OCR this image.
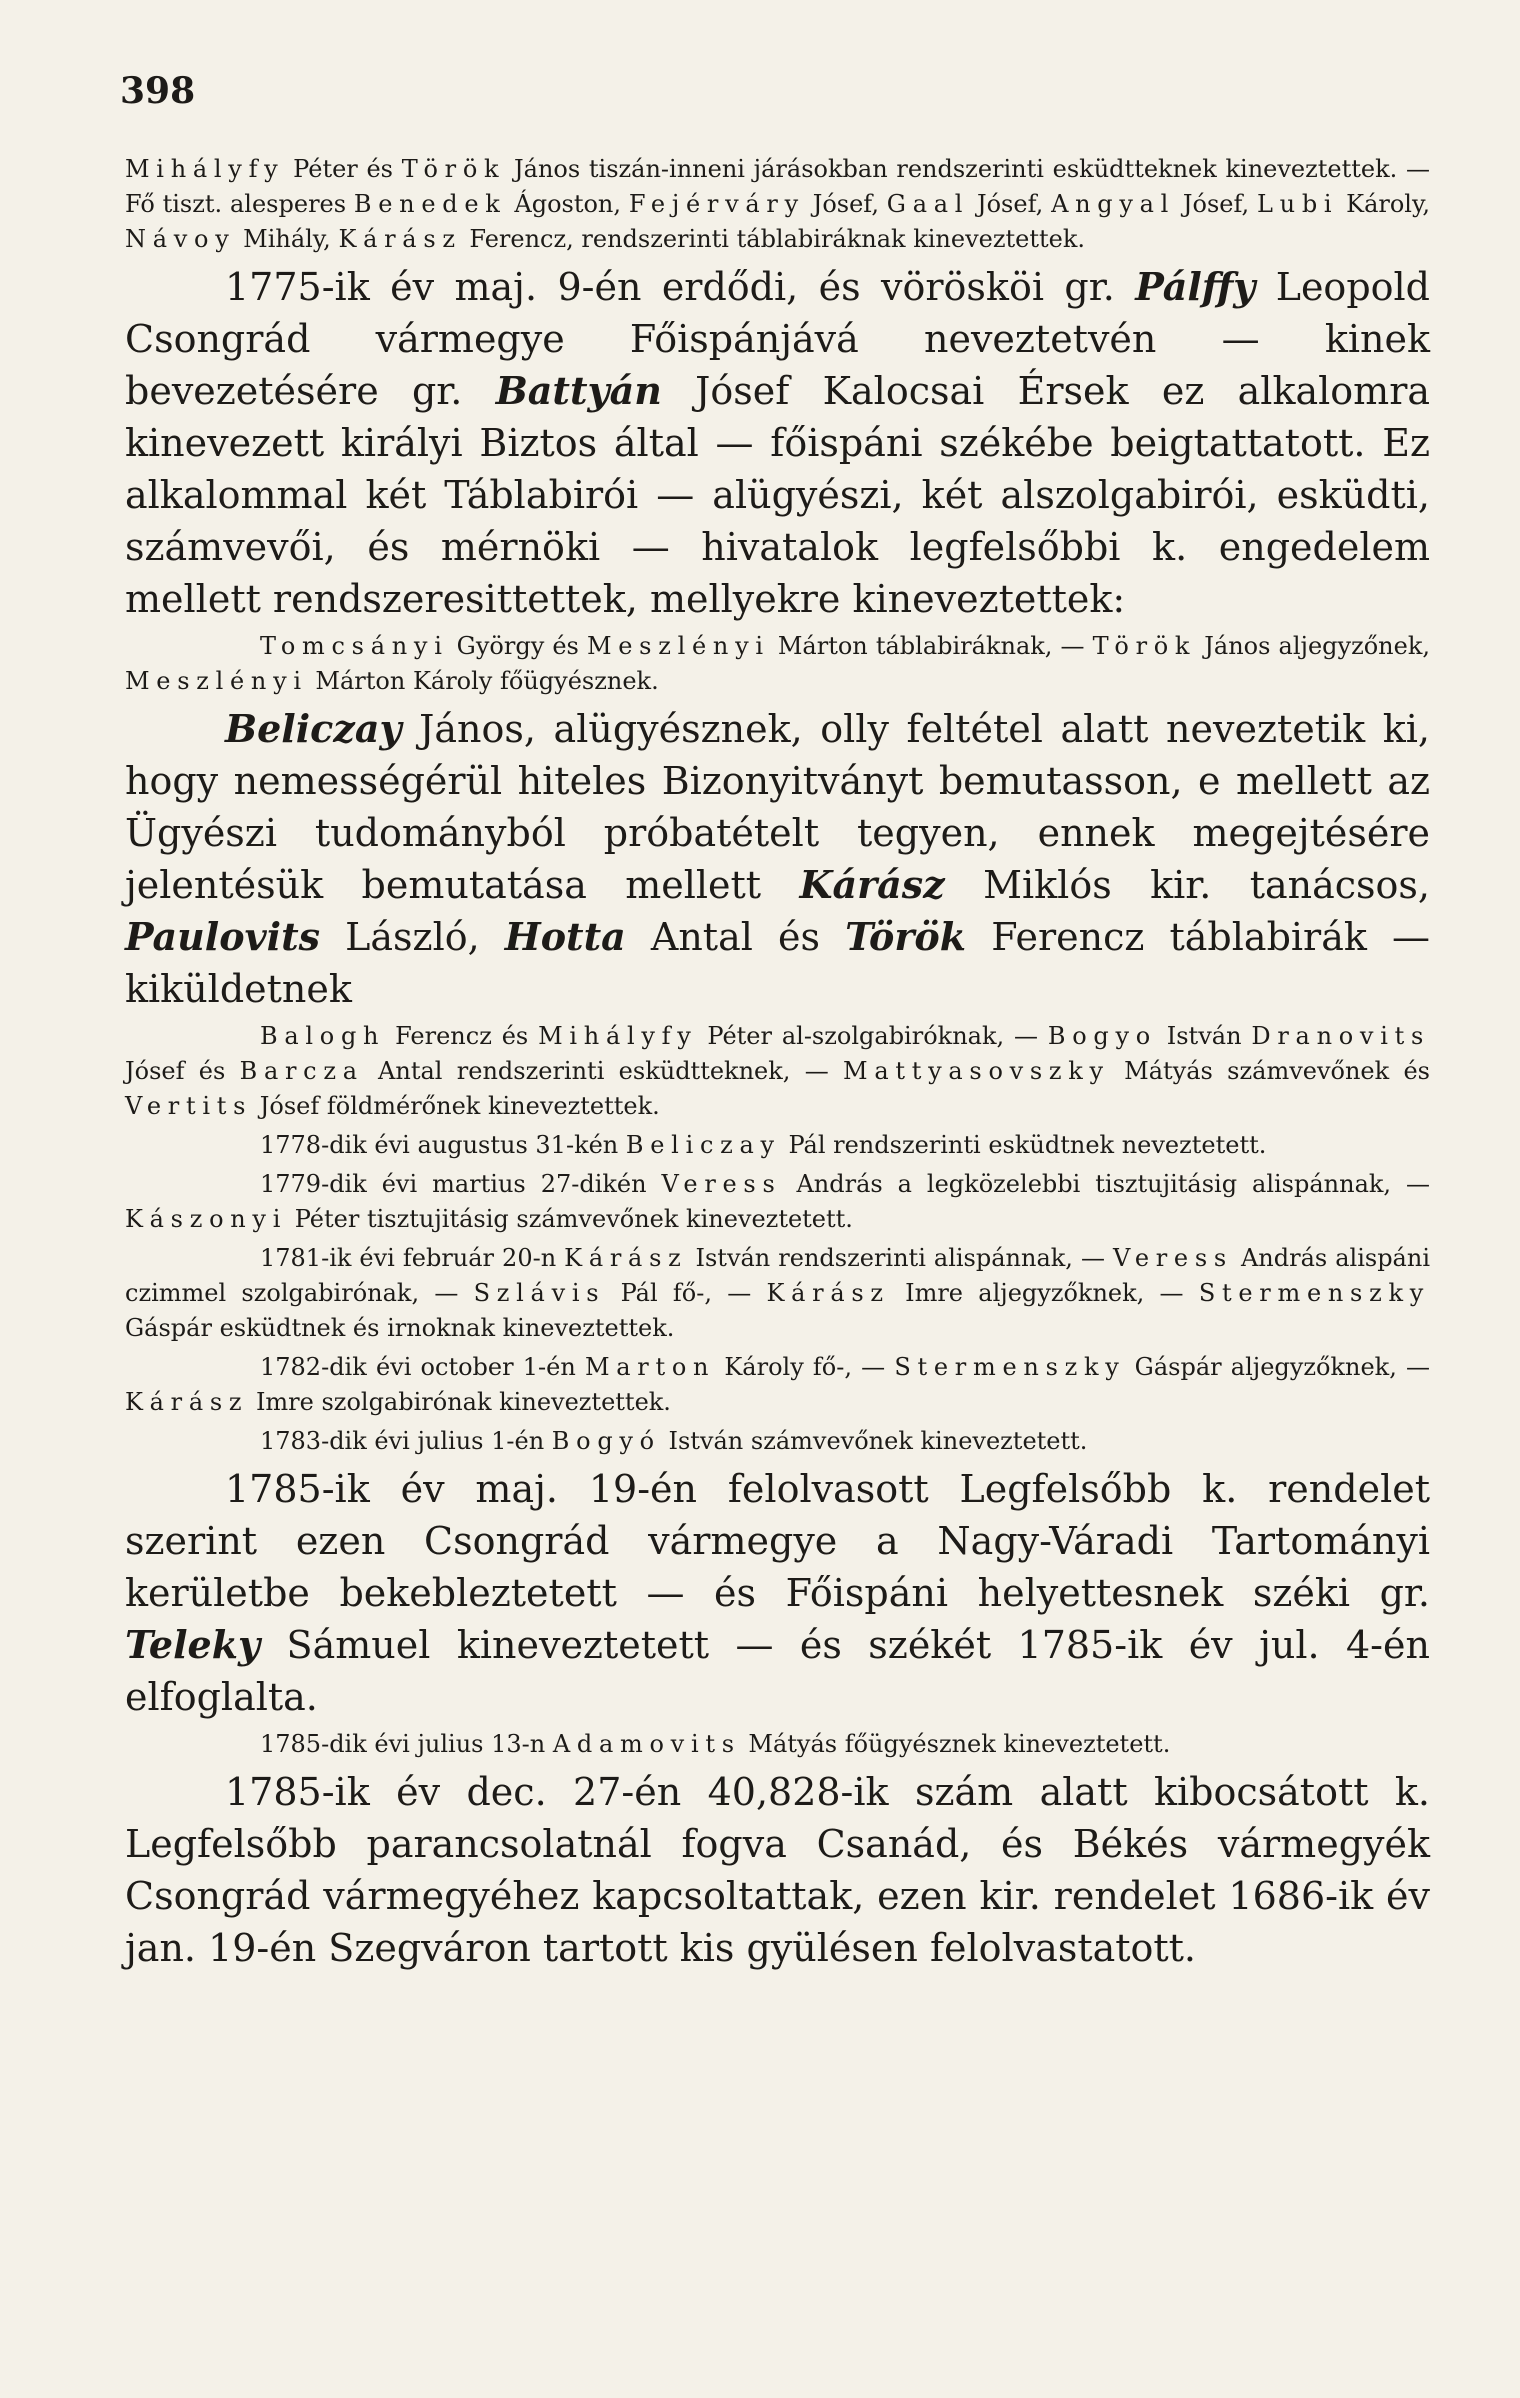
398

Mihályfy Péter és Török János tiszán-inneni járásokban rendszerinti esküdtteknek kineveztettek. — Fő tiszt. alesperes Benedek Ágoston, Fejérváry Jósef, Gaal Jósef, Angyal Jósef, Lubi Károly, Návoy Mihály, Kárász Ferencz, rendszerinti táblabiráknak kineveztettek.

1775-ik év maj. 9-én erdődi, és vörösköi gr. Pálffy Leopold Csongrád vármegye Főispánjává neveztetvén — kinek bevezetésére gr. Battyán Jósef Kalocsai Érsek ez alkalomra kinevezett királyi Biztos által — főispáni székébe beigtattatott. Ez alkalommal két Táblabirói — alügyészi, két alszolgabirói, esküdti, számvevői, és mérnöki — hivatalok legfelsőbbi k. engedelem mellett rendszeresittettek, mellyekre kineveztettek:

Tomcsányi György és Meszlényi Márton táblabiráknak, — Török János aljegyzőnek, Meszlényi Márton Károly főügyésznek.

Beliczay János, alügyésznek, olly feltétel alatt neveztetik ki, hogy nemességérül hiteles Bizonyitványt bemutasson, e mellett az Ügyészi tudományból próbatételt tegyen, ennek megejtésére jelentésük bemutatása mellett Kárász Miklós kir. tanácsos, Paulovits László, Hotta Antal és Török Ferencz táblabirák — kiküldetnek

Balogh Ferencz és Mihályfy Péter al-szolgabiróknak, — Bogyo István Dranovits Jósef és Barcza Antal rendszerinti esküdtteknek, — Mattyasovszky Mátyás számvevőnek és Vertits Jósef földmérőnek kineveztettek.

1778-dik évi augustus 31-kén Beliczay Pál rendszerinti esküdtnek neveztetett.

1779-dik évi martius 27-dikén Veress András a legközelebbi tisztujitásig alispánnak, — Kászonyi Péter tisztujitásig számvevőnek kineveztetett.

1781-ik évi február 20-n Kárász István rendszerinti alispánnak, — Veress András alispáni czimmel szolgabirónak, — Szlávis Pál fő-, — Kárász Imre aljegyzőknek, — Stermenszky Gáspár esküdtnek és irnoknak kineveztettek.

1782-dik évi october 1-én Marton Károly fő-, — Stermenszky Gáspár aljegyzőknek, — Kárász Imre szolgabirónak kineveztettek.

1783-dik évi julius 1-én Bogyó István számvevőnek kineveztetett.

1785-ik év maj. 19-én felolvasott Legfelsőbb k. rendelet szerint ezen Csongrád vármegye a Nagy-Váradi Tartományi kerületbe bekebleztetett — és Főispáni helyettesnek széki gr. Teleky Sámuel kineveztetett — és székét 1785-ik év jul. 4-én elfoglalta.

1785-dik évi julius 13-n Adamovits Mátyás főügyésznek kineveztetett.

1785-ik év dec. 27-én 40,828-ik szám alatt kibocsátott k. Legfelsőbb parancsolatnál fogva Csanád, és Békés vármegyék Csongrád vármegyéhez kapcsoltattak, ezen kir. rendelet 1686-ik év jan. 19-én Szegváron tartott kis gyülésen felolvastatott.
